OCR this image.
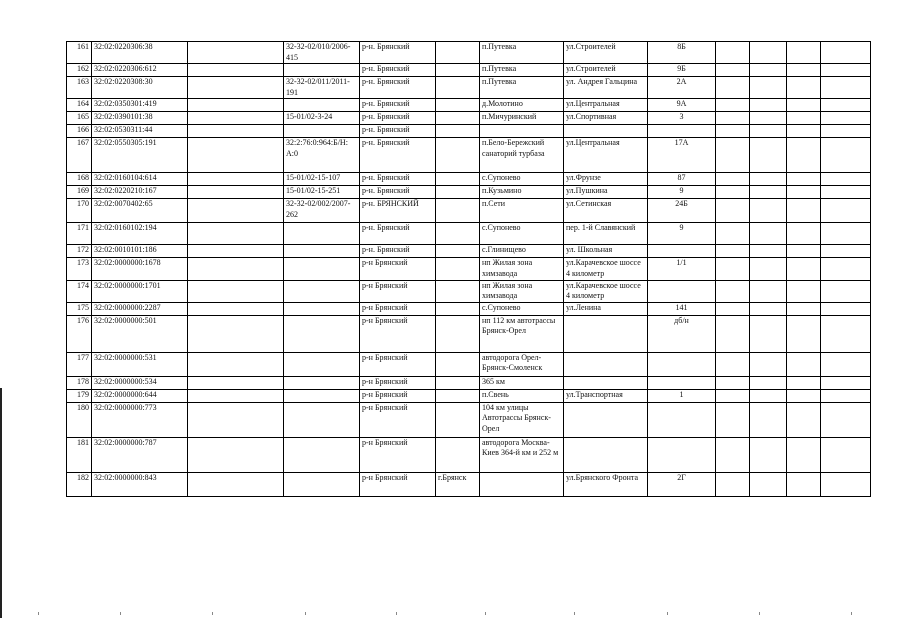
161	32:02:0220306:38		32-32-02/010/2006-415	р-н. Брянский		п.Путевка	ул.Строителей	8Б				
162	32:02:0220306:612			р-н. Брянский		п.Путевка	ул.Строителей	9Б				
163	32:02:0220308:30		32-32-02/011/2011-191	р-н. Брянский		п.Путевка	ул. Андрея Гальцина	2А				
164	32:02:0350301:419			р-н. Брянский		д.Молотино	ул.Центральная	9А				
165	32:02:0390101:38		15-01/02-3-24	р-н. Брянский		п.Мичуринский	ул.Спортивная	3				
166	32:02:0530311:44			р-н. Брянский								
167	32:02:0550305:191		32:2:76:0:964:Б/Н: А:0	р-н. Брянский		п.Бело-Бережский санаторий турбаза	ул.Центральная	17А				
168	32:02:0160104:614		15-01/02-15-107	р-н. Брянский		с.Супонево	ул.Фрунзе	87				
169	32:02:0220210:167		15-01/02-15-251	р-н. Брянский		п.Кузьмино	ул.Пушкина	9				
170	32:02:0070402:65		32-32-02/002/2007-262	р-н. БРЯНСКИЙ		п.Сети	ул.Сетинская	24Б				
171	32:02:0160102:194			р-н. Брянский		с.Супонево	пер. 1-й Славянский	9				
172	32:02:0010101:186			р-н. Брянский		с.Глинищево	ул. Школьная					
173	32:02:0000000:1678			р-н Брянский		нп Жилая зона химзавода	ул.Карачевское шоссе 4 километр	1/1				
174	32:02:0000000:1701			р-н Брянский		нп Жилая зона химзавода	ул.Карачевское шоссе 4 километр					
175	32:02:0000000:2287			р-н Брянский		с.Супонево	ул.Ленина	141				
176	32:02:0000000:501			р-н Брянский		нп 112 км автотрассы Брянск-Орел		дб/н				
177	32:02:0000000:531			р-н Брянский		автодорога Орел-Брянск-Смоленск						
178	32:02:0000000:534			р-н Брянский		365 км						
179	32:02:0000000:644			р-н Брянский		п.Свень	ул.Транспортная	1				
180	32:02:0000000:773			р-н Брянский		104 км улицы Автотрассы Брянск-Орел						
181	32:02:0000000:787			р-н Брянский		автодорога Москва-Киев 364-й км и 252 м						
182	32:02:0000000:843			р-н Брянский	г.Брянск		ул.Брянского Фронта	2Г				
